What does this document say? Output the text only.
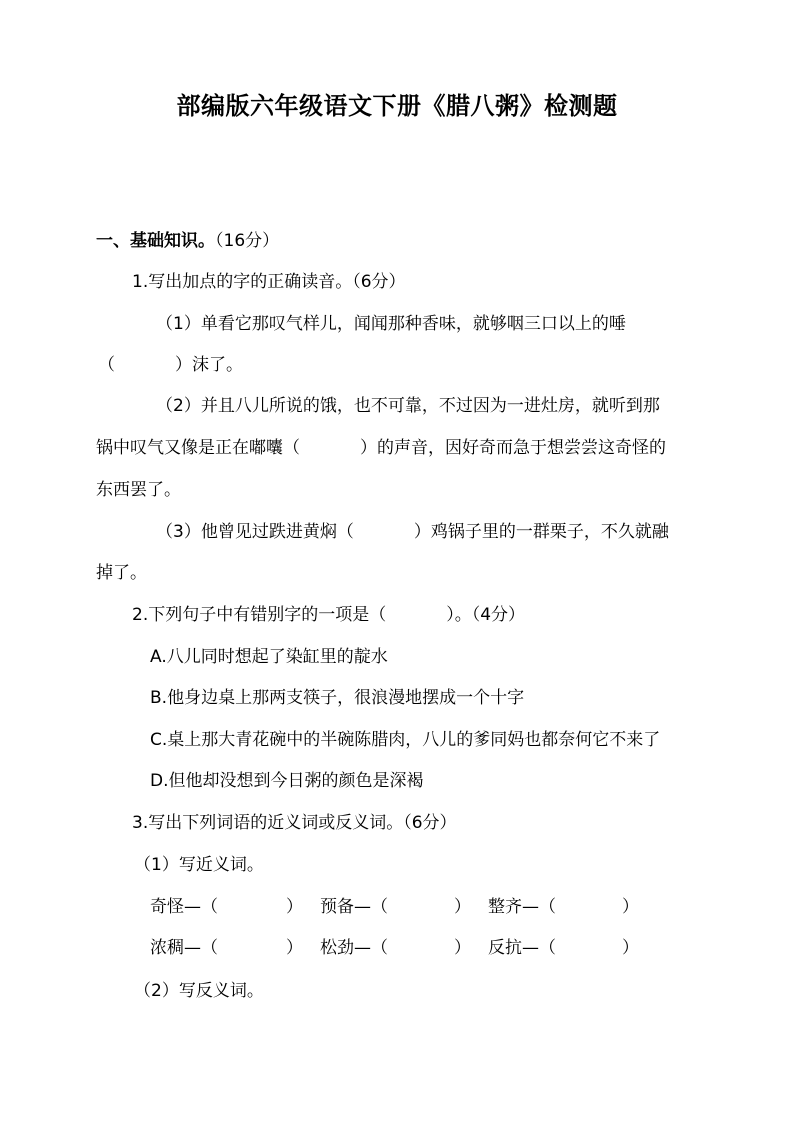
部编版六年级语文下册《腊八粥》检测题
一、基础知识。（16分）
1.写出加点的字的正确读音。（6分）
（1）单看它那叹气样儿，闻闻那种香味，就够咽三口以上的唾
（	）沫了。
（2）并且八儿所说的饿，也不可靠，不过因为一进灶房，就听到那
锅中叹气又像是正在嘟囔（	）的声音，因好奇而急于想尝尝这奇怪的
东西罢了。
（3）他曾见过跌进黄焖（	）鸡锅子里的一群栗子，不久就融
掉了。
2.下列句子中有错别字的一项是（	）。（4分）
A.八儿同时想起了染缸里的靛水
B.他身边桌上那两支筷子，很浪漫地摆成一个十字
C.桌上那大青花碗中的半碗陈腊肉，八儿的爹同妈也都奈何它不来了
D.但他却没想到今日粥的颜色是深褐
3.写出下列词语的近义词或反义词。（6分）
（1）写近义词。
奇怪—（	） 预备—（	） 整齐—（	）
浓稠—（	） 松劲—（	） 反抗—（	）
（2）写反义词。
